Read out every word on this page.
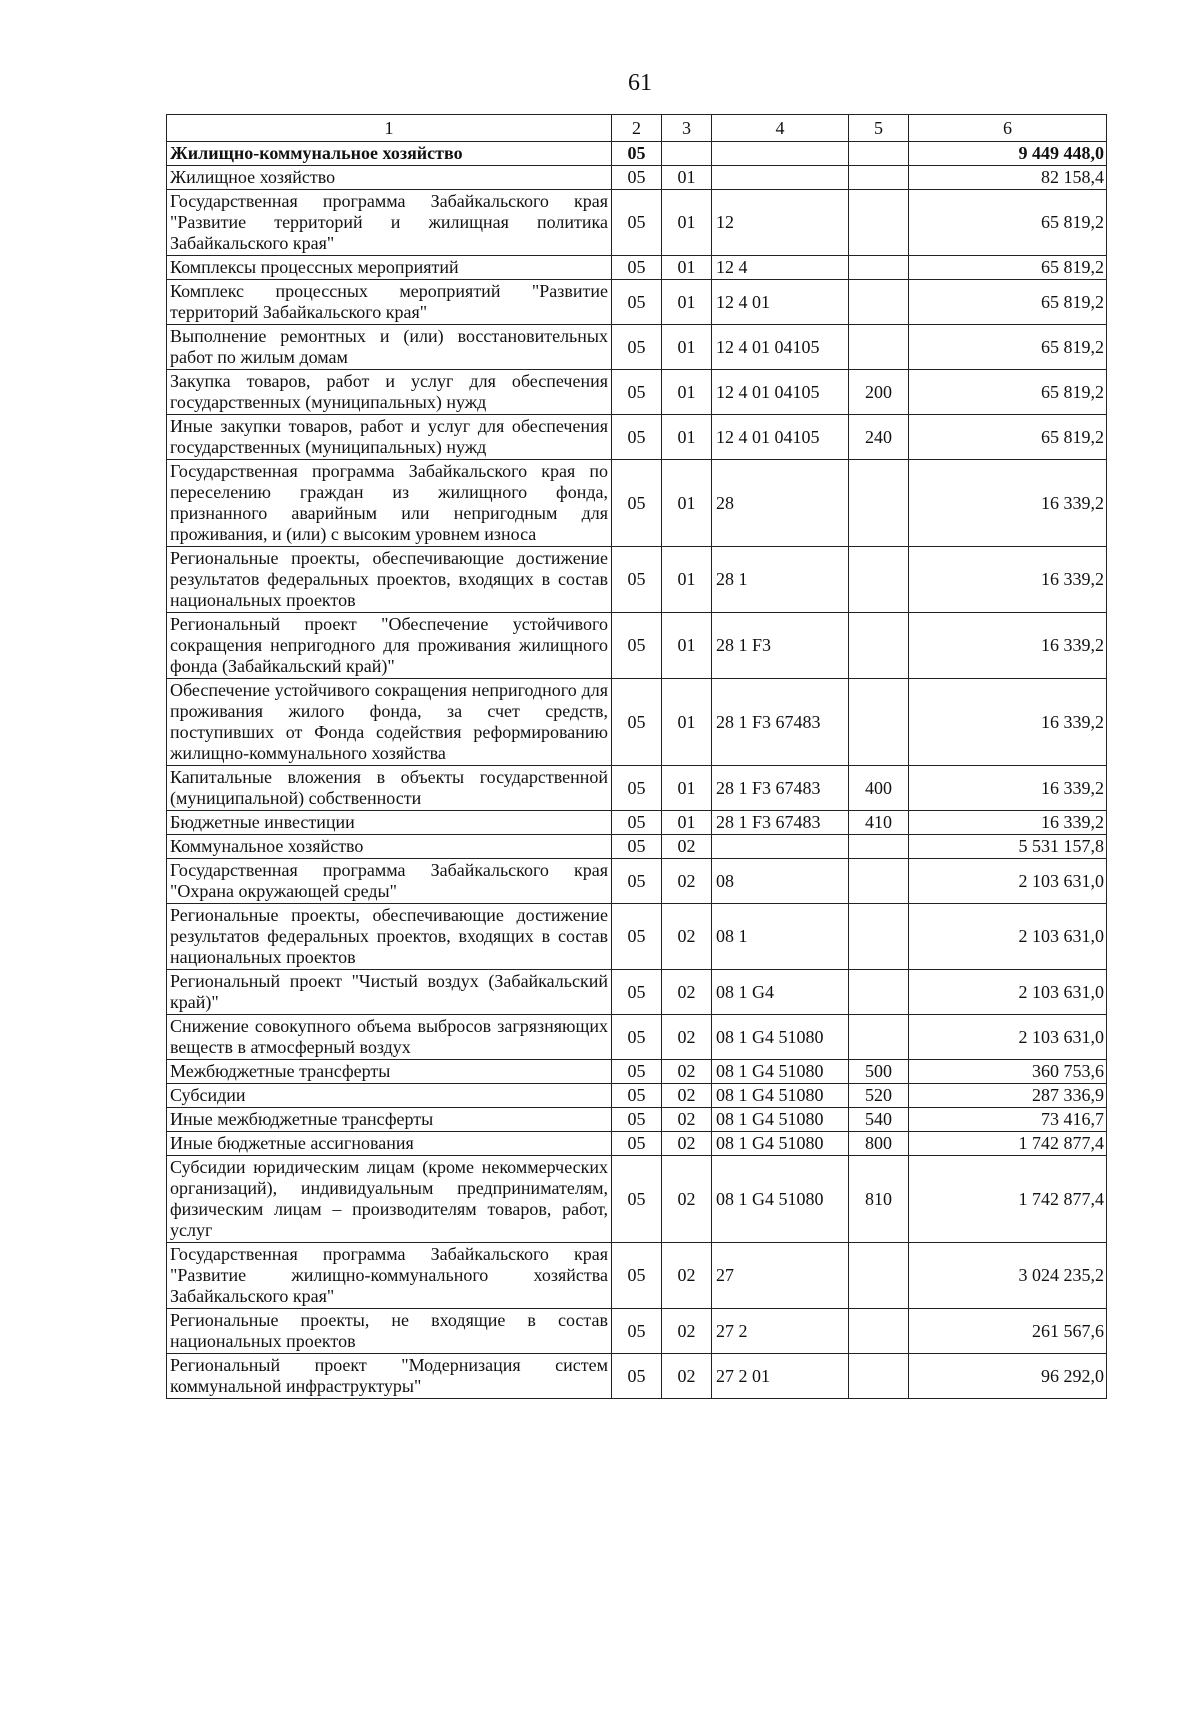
61
1	2	3	4	5	6
Жилищно-коммунальное хозяйство	05				9 449 448,0
Жилищное хозяйство	05	01			82 158,4
Государственная программа Забайкальского края "Развитие территорий и жилищная политика Забайкальского края"	05	01	12		65 819,2
Комплексы процессных мероприятий	05	01	12 4		65 819,2
Комплекс процессных мероприятий "Развитие территорий Забайкальского края"	05	01	12 4 01		65 819,2
Выполнение ремонтных и (или) восстановительных работ по жилым домам	05	01	12 4 01 04105		65 819,2
Закупка товаров, работ и услуг для обеспечения государственных (муниципальных) нужд	05	01	12 4 01 04105	200	65 819,2
Иные закупки товаров, работ и услуг для обеспечения государственных (муниципальных) нужд	05	01	12 4 01 04105	240	65 819,2
Государственная программа Забайкальского края по переселению граждан из жилищного фонда, признанного аварийным или непригодным для проживания, и (или) с высоким уровнем износа	05	01	28		16 339,2
Региональные проекты, обеспечивающие достижение результатов федеральных проектов, входящих в состав национальных проектов	05	01	28 1		16 339,2
Региональный проект "Обеспечение устойчивого сокращения непригодного для проживания жилищного фонда (Забайкальский край)"	05	01	28 1 F3		16 339,2
Обеспечение устойчивого сокращения непригодного для проживания жилого фонда, за счет средств, поступивших от Фонда содействия реформированию жилищно-коммунального хозяйства	05	01	28 1 F3 67483		16 339,2
Капитальные вложения в объекты государственной (муниципальной) собственности	05	01	28 1 F3 67483	400	16 339,2
Бюджетные инвестиции	05	01	28 1 F3 67483	410	16 339,2
Коммунальное хозяйство	05	02			5 531 157,8
Государственная программа Забайкальского края "Охрана окружающей среды"	05	02	08		2 103 631,0
Региональные проекты, обеспечивающие достижение результатов федеральных проектов, входящих в состав национальных проектов	05	02	08 1		2 103 631,0
Региональный проект "Чистый воздух (Забайкальский край)"	05	02	08 1 G4		2 103 631,0
Снижение совокупного объема выбросов загрязняющих веществ в атмосферный воздух	05	02	08 1 G4 51080		2 103 631,0
Межбюджетные трансферты	05	02	08 1 G4 51080	500	360 753,6
Субсидии	05	02	08 1 G4 51080	520	287 336,9
Иные межбюджетные трансферты	05	02	08 1 G4 51080	540	73 416,7
Иные бюджетные ассигнования	05	02	08 1 G4 51080	800	1 742 877,4
Субсидии юридическим лицам (кроме некоммерческих организаций), индивидуальным предпринимателям, физическим лицам – производителям товаров, работ, услуг	05	02	08 1 G4 51080	810	1 742 877,4
Государственная программа Забайкальского края "Развитие жилищно-коммунального хозяйства Забайкальского края"	05	02	27		3 024 235,2
Региональные проекты, не входящие в состав национальных проектов	05	02	27 2		261 567,6
Региональный проект "Модернизация систем коммунальной инфраструктуры"	05	02	27 2 01		96 292,0
